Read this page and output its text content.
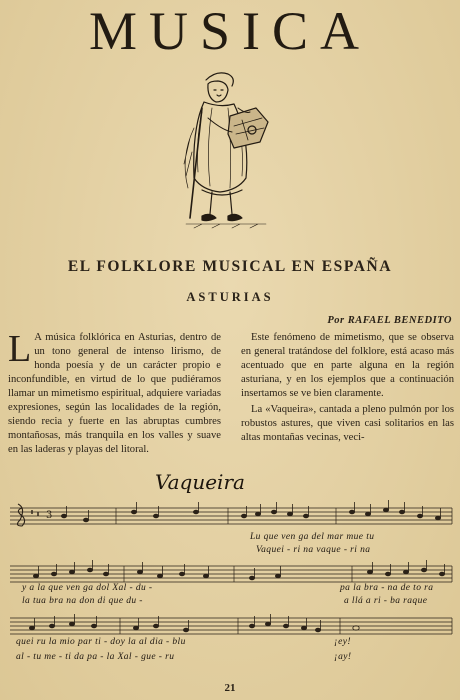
MUSICA
EL FOLKLORE MUSICAL EN ESPAÑA
ASTURIAS
Por RAFAEL BENEDITO

L A música folklórica en Asturias, dentro de un tono general de intenso lirismo, de honda poesía y de un carácter propio e inconfundible, en virtud de lo que pudiéramos llamar un mimetismo espiritual, adquiere variadas expresiones, según las localidades de la región, siendo recia y fuerte en las abruptas cumbres montañosas, más tranquila en los valles y suave en las laderas y playas del litoral.

Este fenómeno de mimetismo, que se observa en general tratándose del folklore, está acaso más acentuado que en parte alguna en la región asturiana, y en los ejemplos que a continuación insertamos se ve bien claramente.

La «Vaqueira», cantada a pleno pulmón por los robustos astures, que viven casi solitarios en las altas montañas vecinas, veci-

Vaqueira
3
Lu que ven ga del mar mue tu
Vaquei - ri na vaque - ri na
y a la que ven ga dol Xal - du -
la tua bra na don di que du -
pa la bra - na de to ra
a llá a ri - ba raque
quei ru la mio par ti - doy la al dia - blu
al - tu me - ti da pa - la Xal - gue - ru
¡ey!
¡ay!
21
